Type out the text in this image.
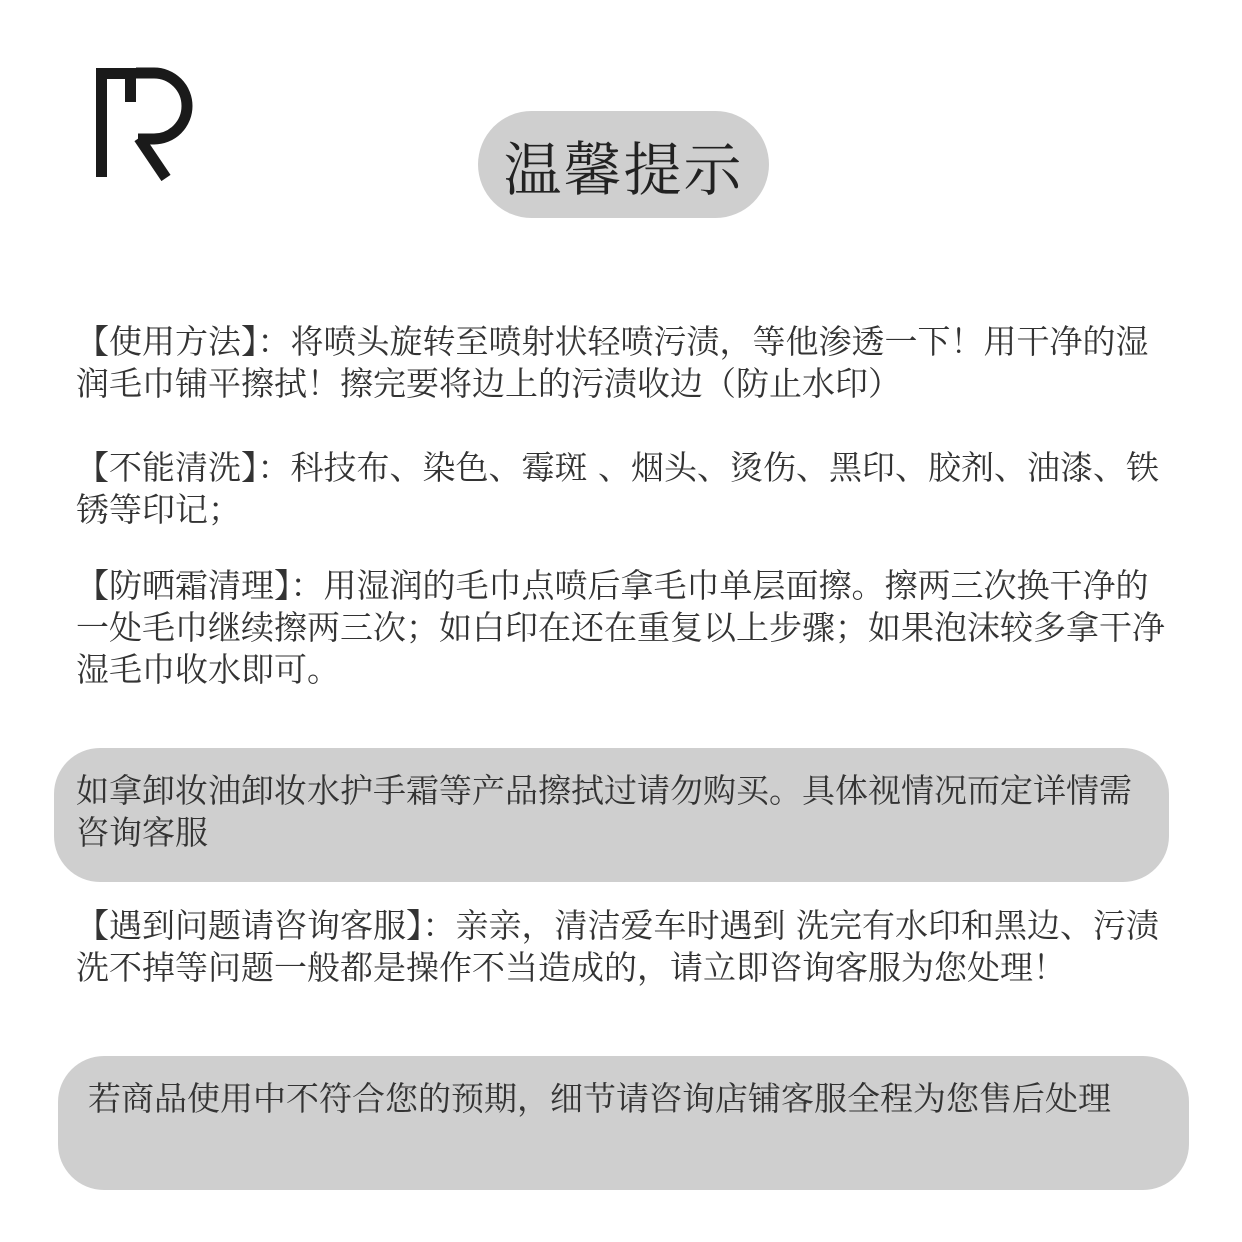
温馨提示

【使用方法】：将喷头旋转至喷射状轻喷污渍，等他渗透一下！用干净的湿润毛巾铺平擦拭！擦完要将边上的污渍收边（防止水印）

【不能清洗】：科技布、染色、霉斑 、烟头、烫伤、黑印、胶剂、油漆、铁锈等印记；

【防晒霜清理】：用湿润的毛巾点喷后拿毛巾单层面擦。擦两三次换干净的一处毛巾继续擦两三次；如白印在还在重复以上步骤；如果泡沫较多拿干净湿毛巾收水即可。

如拿卸妆油卸妆水护手霜等产品擦拭过请勿购买。具体视情况而定详情需咨询客服

【遇到问题请咨询客服】：亲亲，清洁爱车时遇到 洗完有水印和黑边、污渍洗不掉等问题一般都是操作不当造成的，请立即咨询客服为您处理！

若商品使用中不符合您的预期，细节请咨询店铺客服全程为您售后处理
